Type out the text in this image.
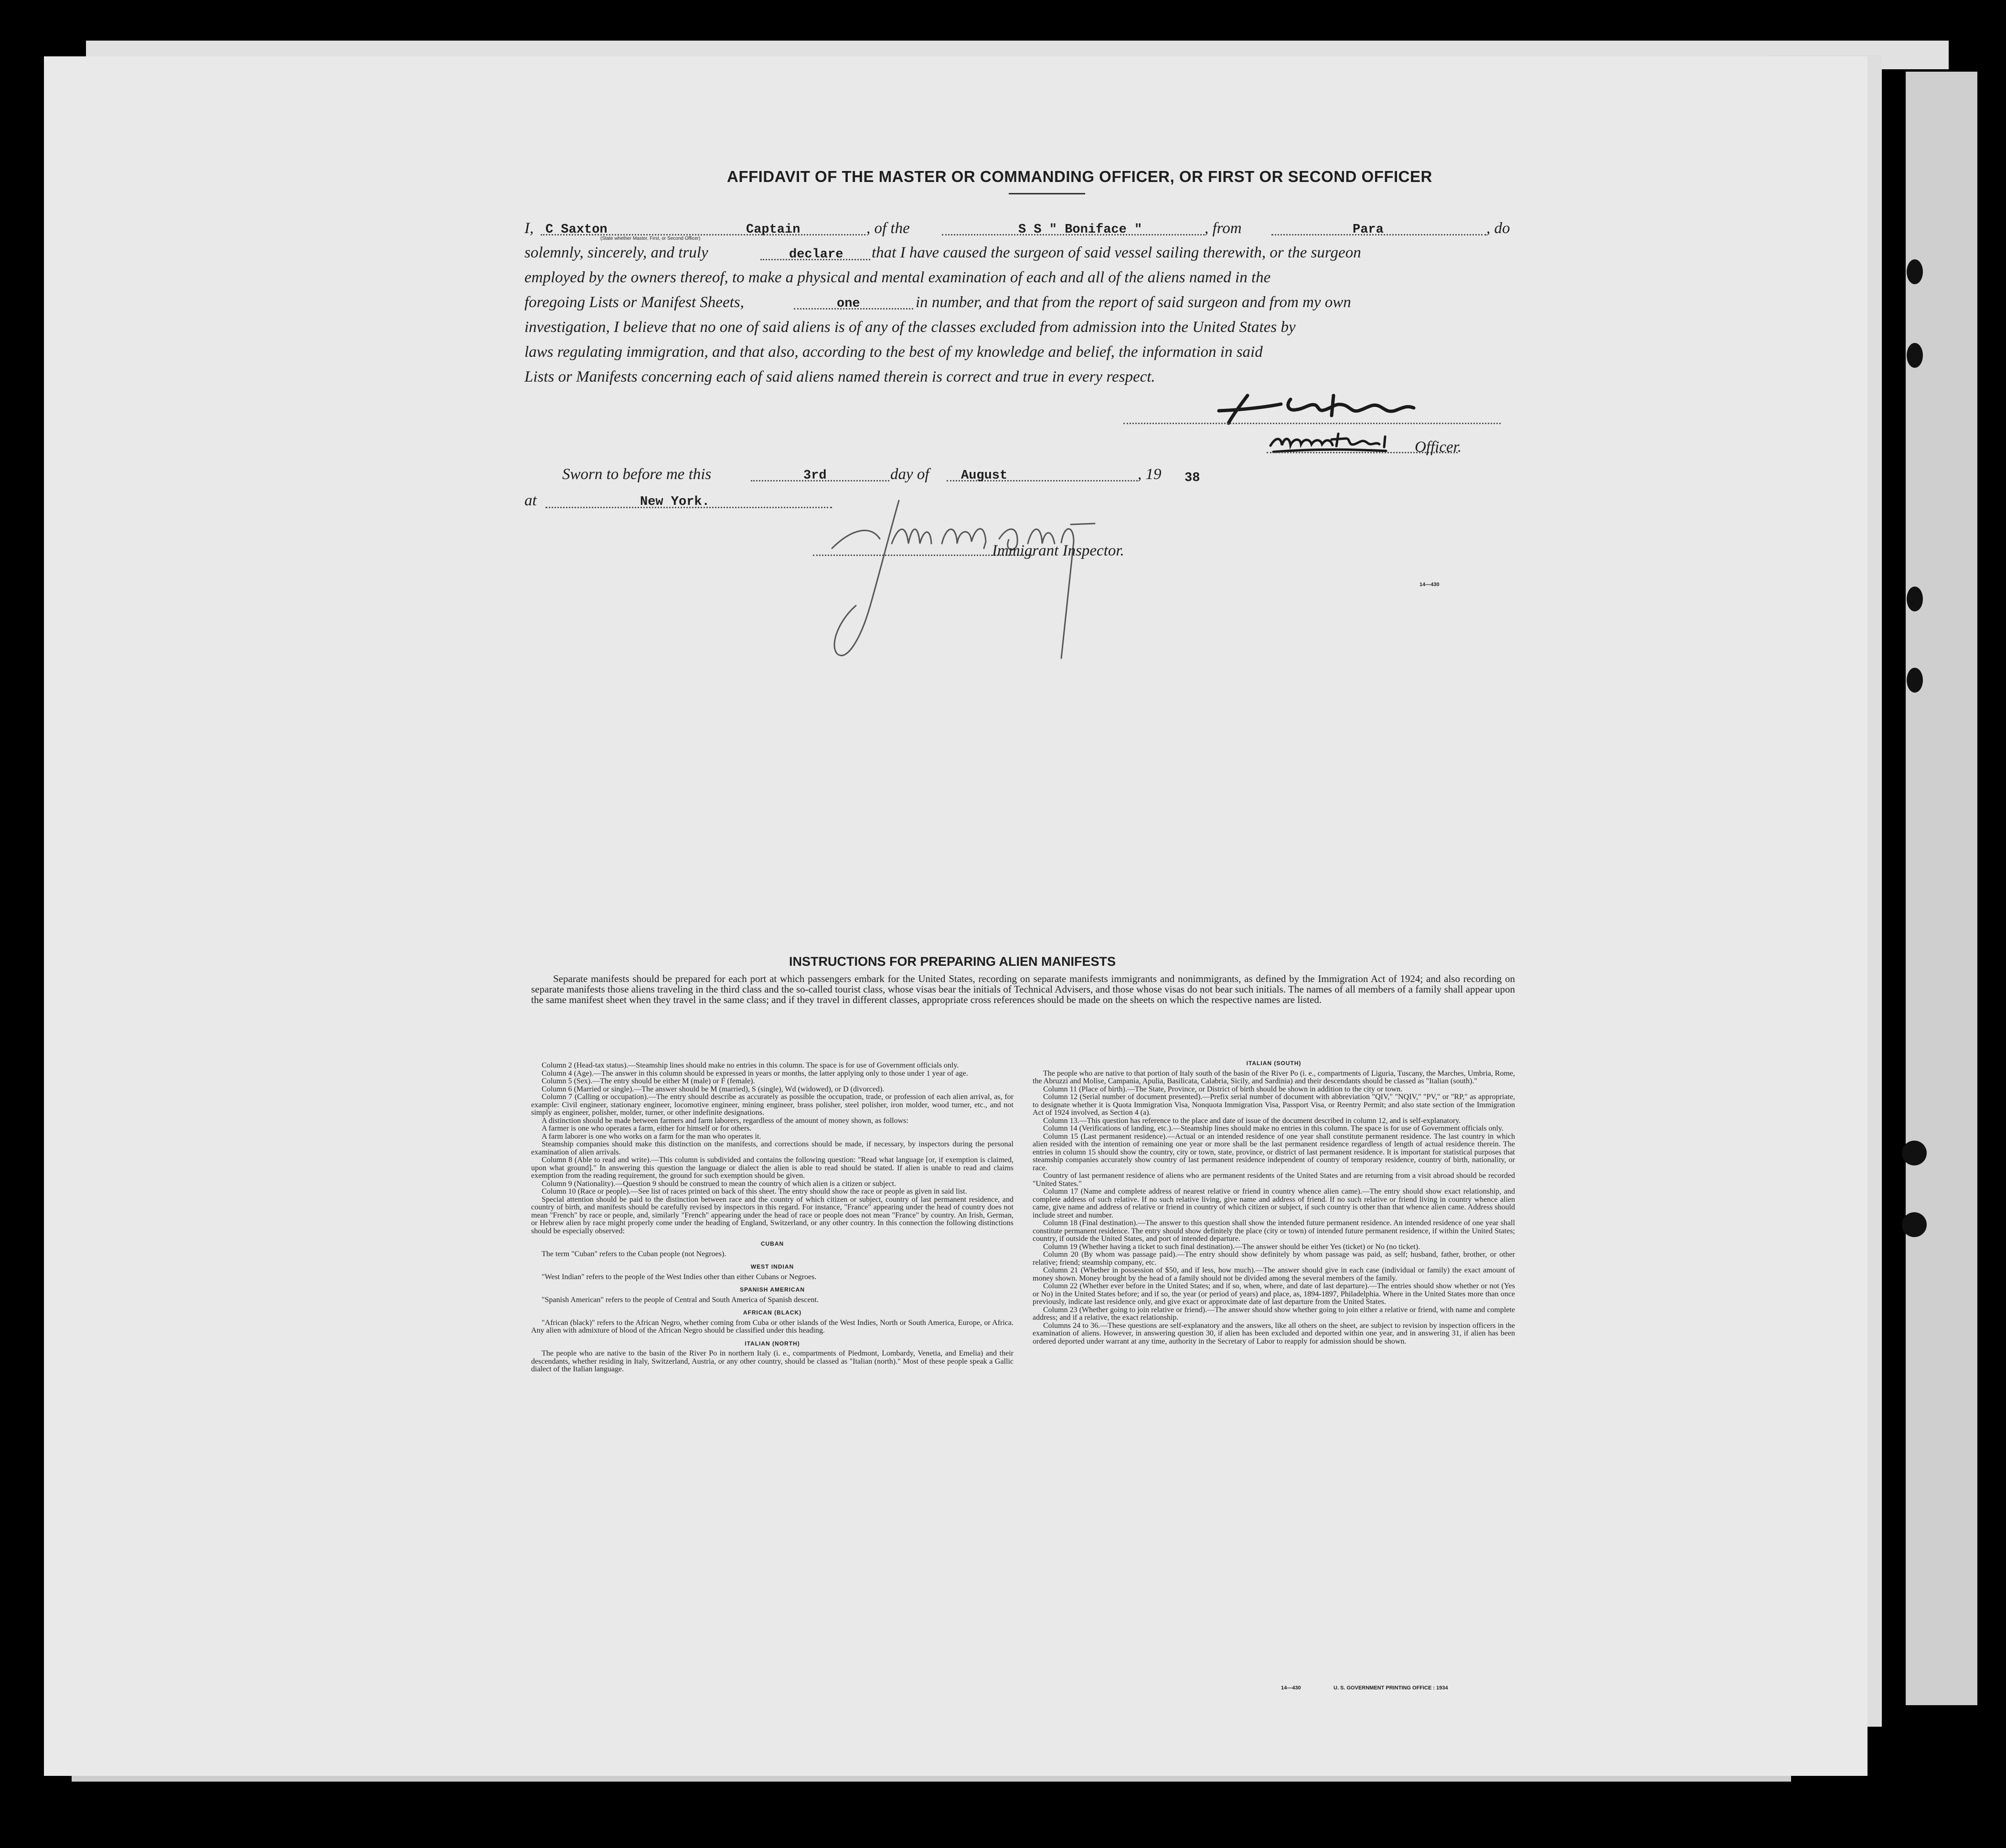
AFFIDAVIT OF THE MASTER OR COMMANDING OFFICER, OR FIRST OR SECOND OFFICER
I, C Saxton	Captain
(State whether Master, First, or Second Officer)
, of the	S S " Boniface "	, from	Para	, do
solemnly, sincerely, and truly	declare that I have caused the surgeon of said vessel sailing therewith, or the surgeon
employed by the owners thereof, to make a physical and mental examination of each and all of the aliens named in the
foregoing Lists or Manifest Sheets,	one	in number, and that from the report of said surgeon and from my own
investigation, I believe that no one of said aliens is of any of the classes excluded from admission into the United States by
laws regulating immigration, and that also, according to the best of my knowledge and belief, the information in said
Lists or Manifests concerning each of said aliens named therein is correct and true in every respect.
Officer.
Sworn to before me this	3rd	day of August	, 19 38
at	New York.
Immigrant Inspector.
14—430
INSTRUCTIONS FOR PREPARING ALIEN MANIFESTS
Separate manifests should be prepared for each port at which passengers embark for the United States, recording on separate manifests immigrants and nonimmigrants, as defined by the Immigration Act of 1924; and also recording on separate manifests those aliens traveling in the third class and the so-called tourist class, whose visas bear the initials of Technical Advisers, and those whose visas do not bear such initials. The names of all members of a family shall appear upon the same manifest sheet when they travel in the same class; and if they travel in different classes, appropriate cross references should be made on the sheets on which the respective names are listed.

Column 2 (Head-tax status).—Steamship lines should make no entries in this column. The space is for use of Government officials only.

Column 4 (Age).—The answer in this column should be expressed in years or months, the latter applying only to those under 1 year of age.

Column 5 (Sex).—The entry should be either M (male) or F (female).

Column 6 (Married or single).—The answer should be M (married), S (single), Wd (widowed), or D (divorced).

Column 7 (Calling or occupation).—The entry should describe as accurately as possible the occupation, trade, or profession of each alien arrival, as, for example: Civil engineer, stationary engineer, locomotive engineer, mining engineer, brass polisher, steel polisher, iron molder, wood turner, etc., and not simply as engineer, polisher, molder, turner, or other indefinite designations.

A distinction should be made between farmers and farm laborers, regardless of the amount of money shown, as follows:

A farmer is one who operates a farm, either for himself or for others.

A farm laborer is one who works on a farm for the man who operates it.

Steamship companies should make this distinction on the manifests, and corrections should be made, if necessary, by inspectors during the personal examination of alien arrivals.

Column 8 (Able to read and write).—This column is subdivided and contains the following question: "Read what language [or, if exemption is claimed, upon what ground]." In answering this question the language or dialect the alien is able to read should be stated. If alien is unable to read and claims exemption from the reading requirement, the ground for such exemption should be given.

Column 9 (Nationality).—Question 9 should be construed to mean the country of which alien is a citizen or subject.

Column 10 (Race or people).—See list of races printed on back of this sheet. The entry should show the race or people as given in said list.

Special attention should be paid to the distinction between race and the country of which citizen or subject, country of last permanent residence, and country of birth, and manifests should be carefully revised by inspectors in this regard. For instance, "France" appearing under the head of country does not mean "French" by race or people, and, similarly "French" appearing under the head of race or people does not mean "France" by country. An Irish, German, or Hebrew alien by race might properly come under the heading of England, Switzerland, or any other country. In this connection the following distinctions should be especially observed:

CUBAN

The term "Cuban" refers to the Cuban people (not Negroes).

WEST INDIAN

"West Indian" refers to the people of the West Indies other than either Cubans or Negroes.

SPANISH AMERICAN

"Spanish American" refers to the people of Central and South America of Spanish descent.

AFRICAN (BLACK)

"African (black)" refers to the African Negro, whether coming from Cuba or other islands of the West Indies, North or South America, Europe, or Africa. Any alien with admixture of blood of the African Negro should be classified under this heading.

ITALIAN (NORTH)

The people who are native to the basin of the River Po in northern Italy (i. e., compartments of Piedmont, Lombardy, Venetia, and Emelia) and their descendants, whether residing in Italy, Switzerland, Austria, or any other country, should be classed as "Italian (north)." Most of these people speak a Gallic dialect of the Italian language.

ITALIAN (SOUTH)

The people who are native to that portion of Italy south of the basin of the River Po (i. e., compartments of Liguria, Tuscany, the Marches, Umbria, Rome, the Abruzzi and Molise, Campania, Apulia, Basilicata, Calabria, Sicily, and Sardinia) and their descendants should be classed as "Italian (south)."

Column 11 (Place of birth).—The State, Province, or District of birth should be shown in addition to the city or town.

Column 12 (Serial number of document presented).—Prefix serial number of document with abbreviation "QIV," "NQIV," "PV," or "RP," as appropriate, to designate whether it is Quota Immigration Visa, Nonquota Immigration Visa, Passport Visa, or Reentry Permit; and also state section of the Immigration Act of 1924 involved, as Section 4 (a).

Column 13.—This question has reference to the place and date of issue of the document described in column 12, and is self-explanatory.

Column 14 (Verifications of landing, etc.).—Steamship lines should make no entries in this column. The space is for use of Government officials only.

Column 15 (Last permanent residence).—Actual or an intended residence of one year shall constitute permanent residence. The last country in which alien resided with the intention of remaining one year or more shall be the last permanent residence regardless of length of actual residence therein. The entries in column 15 should show the country, city or town, state, province, or district of last permanent residence. It is important for statistical purposes that steamship companies accurately show country of last permanent residence independent of country of temporary residence, country of birth, nationality, or race.

Country of last permanent residence of aliens who are permanent residents of the United States and are returning from a visit abroad should be recorded "United States."

Column 17 (Name and complete address of nearest relative or friend in country whence alien came).—The entry should show exact relationship, and complete address of such relative. If no such relative living, give name and address of friend. If no such relative or friend living in country whence alien came, give name and address of relative or friend in country of which citizen or subject, if such country is other than that whence alien came. Address should include street and number.

Column 18 (Final destination).—The answer to this question shall show the intended future permanent residence. An intended residence of one year shall constitute permanent residence. The entry should show definitely the place (city or town) of intended future permanent residence, if within the United States; country, if outside the United States, and port of intended departure.

Column 19 (Whether having a ticket to such final destination).—The answer should be either Yes (ticket) or No (no ticket).

Column 20 (By whom was passage paid).—The entry should show definitely by whom passage was paid, as self; husband, father, brother, or other relative; friend; steamship company, etc.

Column 21 (Whether in possession of $50, and if less, how much).—The answer should give in each case (individual or family) the exact amount of money shown. Money brought by the head of a family should not be divided among the several members of the family.

Column 22 (Whether ever before in the United States; and if so, when, where, and date of last departure).—The entries should show whether or not (Yes or No) in the United States before; and if so, the year (or period of years) and place, as, 1894-1897, Philadelphia. Where in the United States more than once previously, indicate last residence only, and give exact or approximate date of last departure from the United States.

Column 23 (Whether going to join relative or friend).—The answer should show whether going to join either a relative or friend, with name and complete address; and if a relative, the exact relationship.

Columns 24 to 36.—These questions are self-explanatory and the answers, like all others on the sheet, are subject to revision by inspection officers in the examination of aliens. However, in answering question 30, if alien has been excluded and deported within one year, and in answering 31, if alien has been ordered deported under warrant at any time, authority in the Secretary of Labor to reapply for admission should be shown.

14—430	U. S. GOVERNMENT PRINTING OFFICE : 1934
